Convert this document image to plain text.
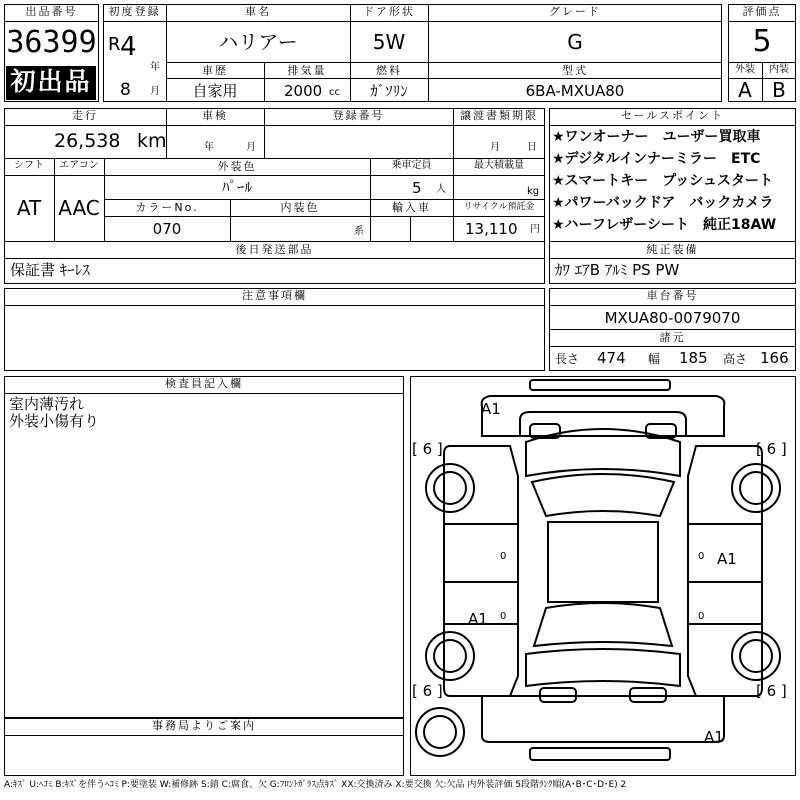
出品番号
36399
初出品
初度登録
R 4
年
8 月
車名
ハリアー
ドア形状
5W
グレード
G
車歴
自家用
排気量
2000 cc
燃料
ｶﾞｿﾘﾝ
型式
6BA-MXUA80
評価点
5
外装	内装
A	B
走行
26,538 km
車検
年	月
登録番号	譲渡書類期限
月	日
シフト
AT
エアコン
AAC
外装色
ﾊﾟｰﾙ
乗車定員
5 人
最大積載量
kg
カラーNo.
070
内装色
系
輸入車	リサイクル預託金
13,110 円
後日発送部品
保証書 ｷｰﾚｽ
セールスポイント
★ワンオーナー　ユーザー買取車
★デジタルインナーミラー　ETC
★スマートキー　プッシュスタート
★パワーバックドア　バックカメラ
★ハーフレザーシート　純正18AW
純正装備
ｶﾜ ｴｱB ｱﾙﾐ PS PW
注意事項欄	車台番号
MXUA80-0079070
諸元
長さ 474 幅 185 高さ 166
検査員記入欄
室内薄汚れ
外装小傷有り
事務局よりご案内
A1
A1
A1
A1
[ 6 ]	[ 6 ]
[ 6 ]	[ 6 ]
0	0
0	0
A:ｷｽﾞ U:ﾍｺﾐ B:ｷｽﾞを伴うﾍｺﾐ P:要塗装 W:補修跡 S:錆 C:腐食、欠 G:ﾌﾛﾝﾄｶﾞﾗｽ点ｷｽﾞ XX:交換済み X:要交換 欠:欠品 内外装評価 5段階ﾗﾝｸ順(A･B･C･D･E) 2
